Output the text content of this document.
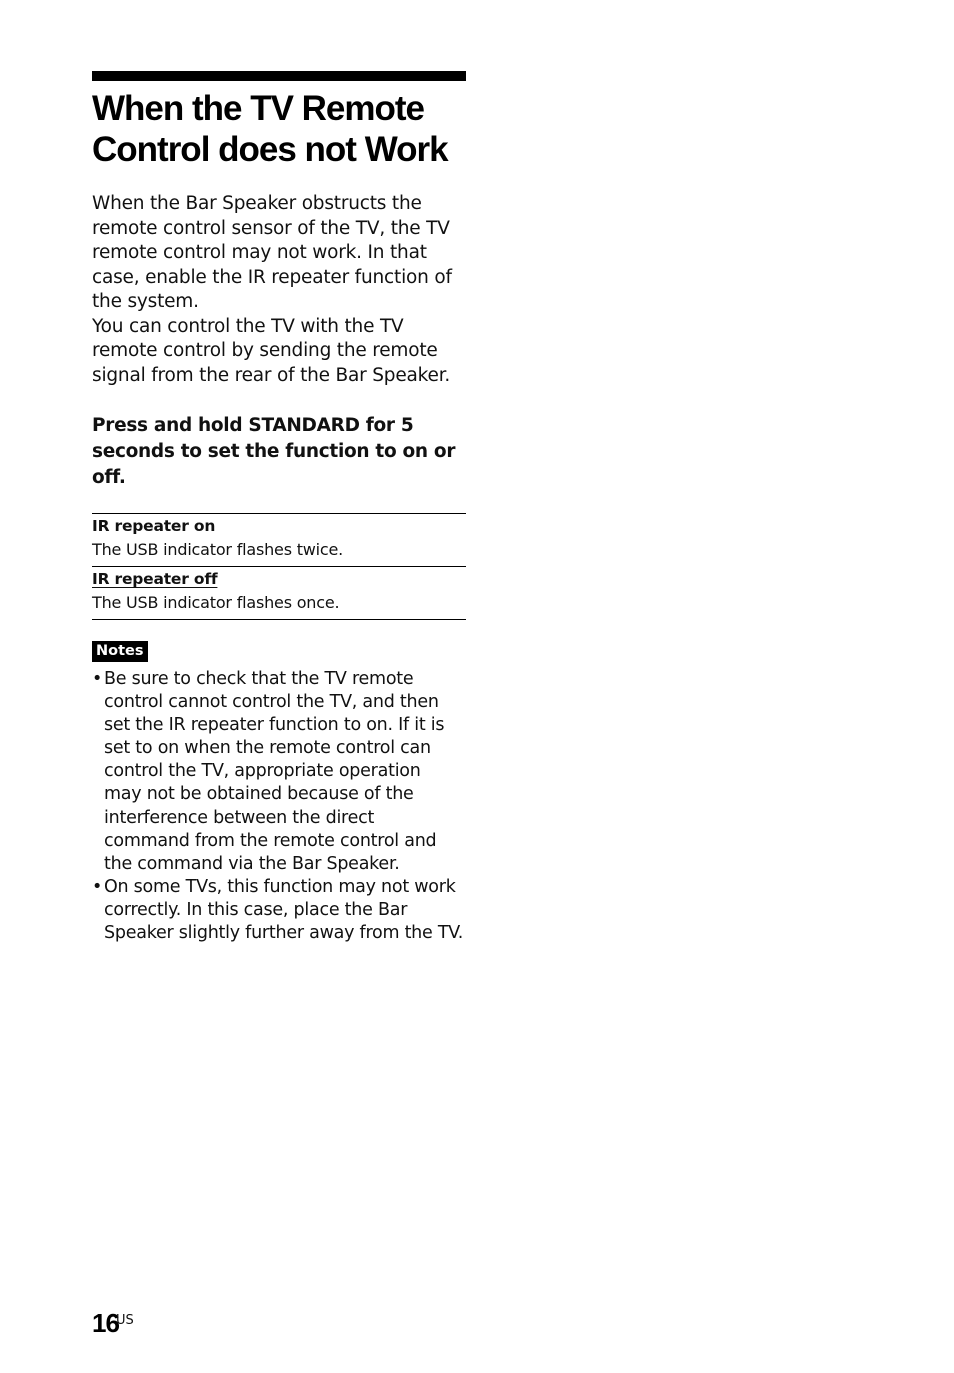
When the TV Remote
Control does not Work

When the Bar Speaker obstructs the
remote control sensor of the TV, the TV
remote control may not work. In that
case, enable the IR repeater function of
the system.
You can control the TV with the TV
remote control by sending the remote
signal from the rear of the Bar Speaker.

Press and hold STANDARD for 5
seconds to set the function to on or
off.

IR repeater on
The USB indicator flashes twice.
IR repeater off
The USB indicator flashes once.
Notes
• Be sure to check that the TV remote
control cannot control the TV, and then
set the IR repeater function to on. If it is
set to on when the remote control can
control the TV, appropriate operation
may not be obtained because of the
interference between the direct
command from the remote control and
the command via the Bar Speaker.
• On some TVs, this function may not work
correctly. In this case, place the Bar
Speaker slightly further away from the TV.
16
US
